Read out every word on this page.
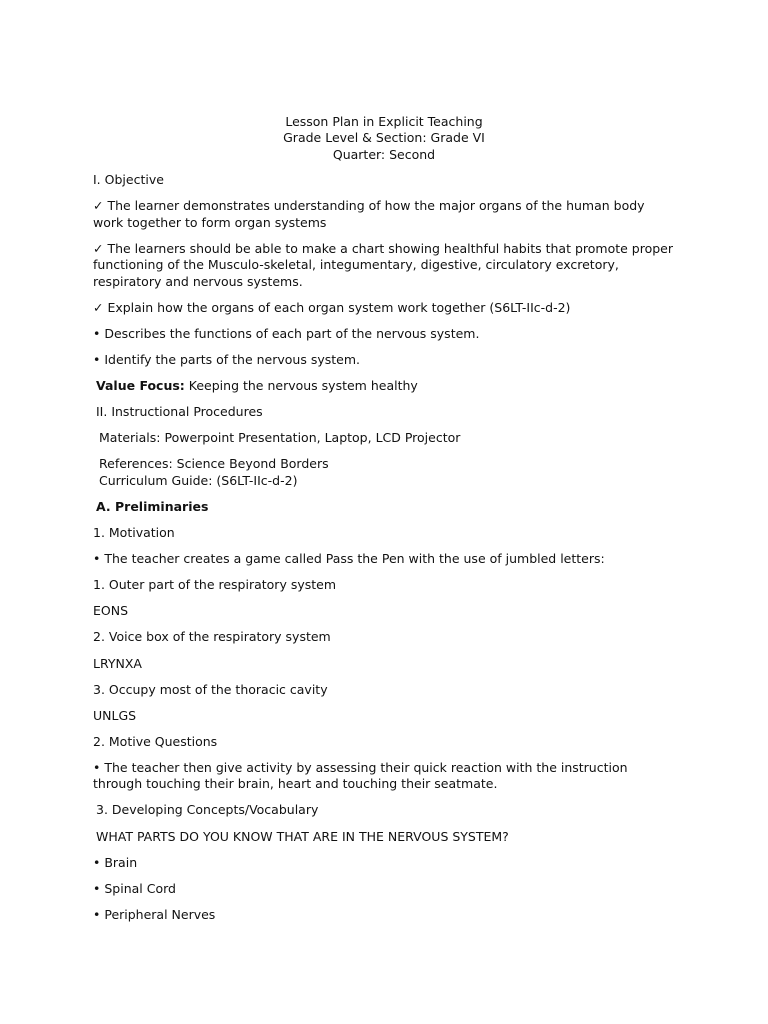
Lesson Plan in Explicit Teaching
Grade Level & Section: Grade VI
Quarter: Second

I. Objective

✓ The learner demonstrates understanding of how the major organs of the human body work together to form organ systems

✓ The learners should be able to make a chart showing healthful habits that promote proper functioning of the Musculo-skeletal, integumentary, digestive, circulatory excretory, respiratory and nervous systems.

✓ Explain how the organs of each organ system work together (S6LT-IIc-d-2)

• Describes the functions of each part of the nervous system.

• Identify the parts of the nervous system.

Value Focus: Keeping the nervous system healthy

II. Instructional Procedures

Materials: Powerpoint Presentation, Laptop, LCD Projector

References: Science Beyond Borders

Curriculum Guide: (S6LT-IIc-d-2)

A. Preliminaries

1. Motivation

• The teacher creates a game called Pass the Pen with the use of jumbled letters:

1. Outer part of the respiratory system

EONS

2. Voice box of the respiratory system

LRYNXA

3. Occupy most of the thoracic cavity

UNLGS

2. Motive Questions

• The teacher then give activity by assessing their quick reaction with the instruction through touching their brain, heart and touching their seatmate.

3. Developing Concepts/Vocabulary

WHAT PARTS DO YOU KNOW THAT ARE IN THE NERVOUS SYSTEM?

• Brain

• Spinal Cord

• Peripheral Nerves
